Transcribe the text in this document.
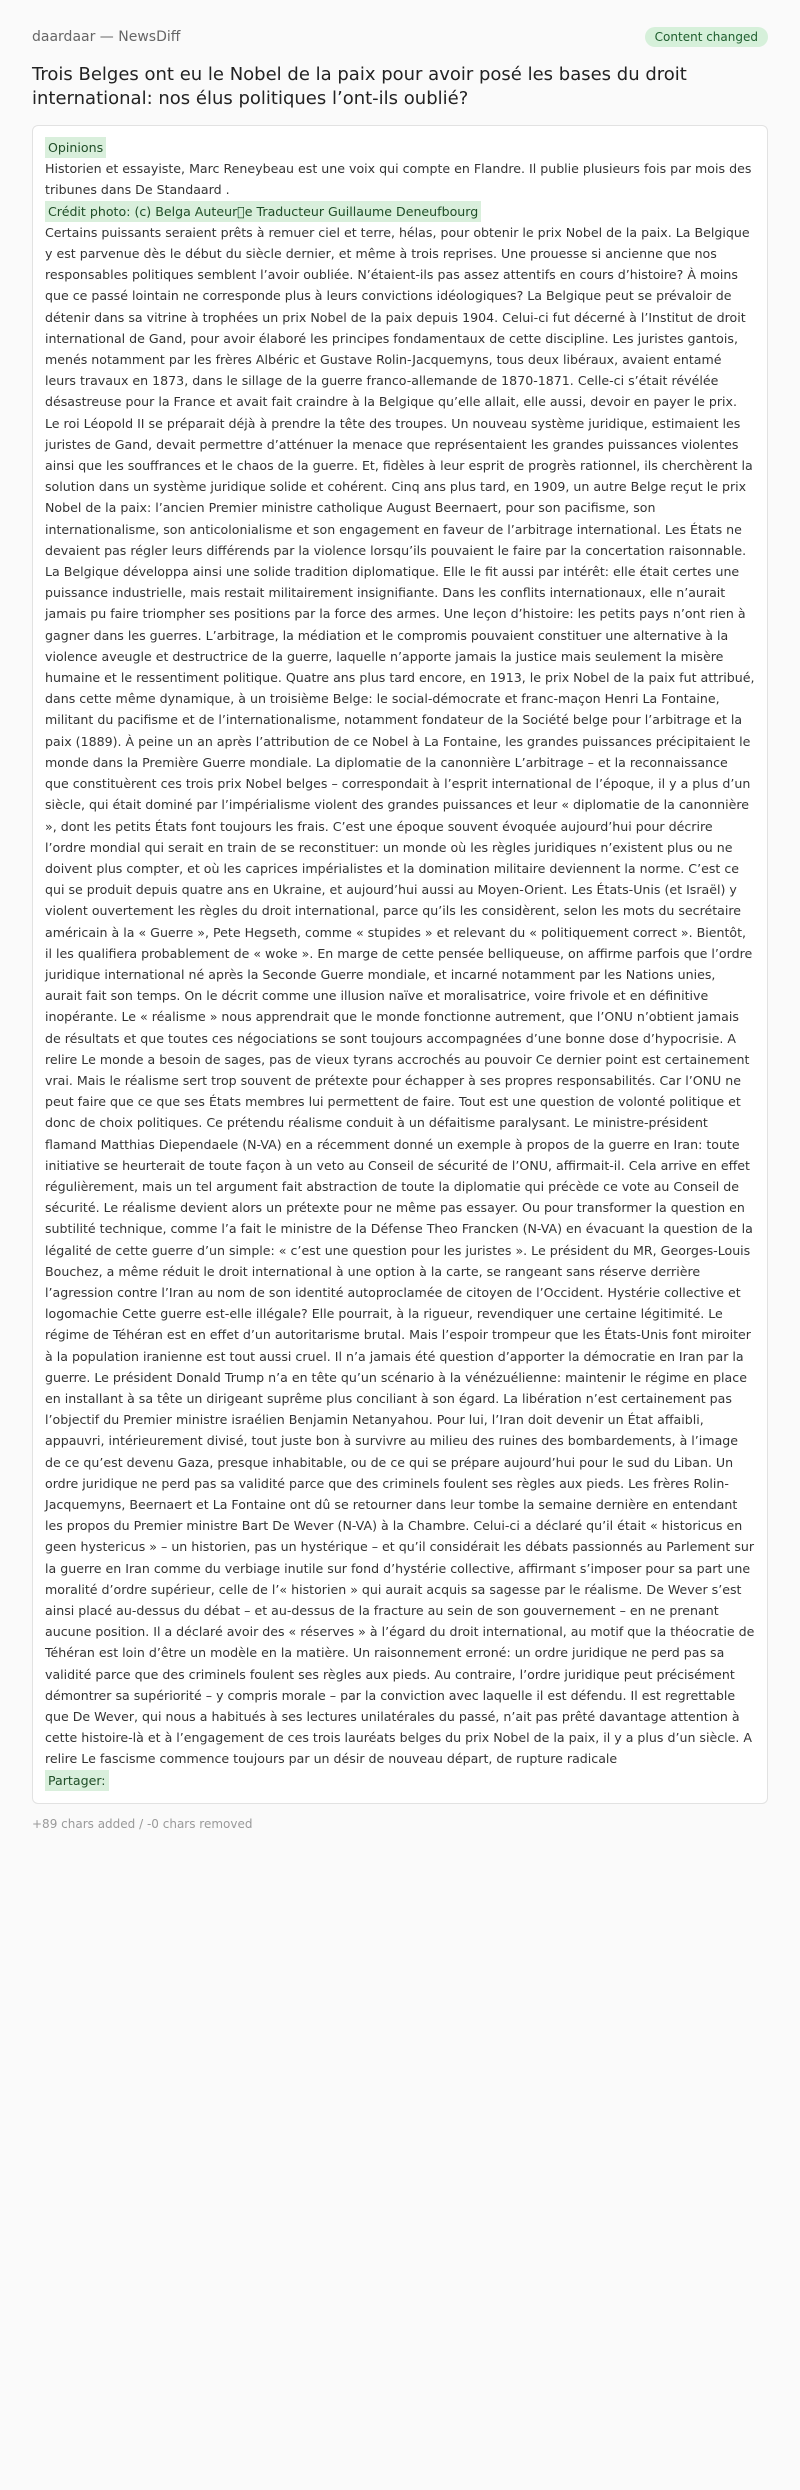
daardaar — NewsDiff	Content changed
Trois Belges ont eu le Nobel de la paix pour avoir posé les bases du droit international: nos élus politiques l’ont-ils oublié?

Opinions

Historien et essayiste, Marc Reneybeau est une voix qui compte en Flandre. Il publie plusieurs fois par mois des tribunes dans De Standaard .

Crédit photo: (c) Belga Auteur e Traducteur Guillaume Deneufbourg

Certains puissants seraient prêts à remuer ciel et terre, hélas, pour obtenir le prix Nobel de la paix. La Belgique y est parvenue dès le début du siècle dernier, et même à trois reprises. Une prouesse si ancienne que nos responsables politiques semblent l’avoir oubliée. N’étaient-ils pas assez attentifs en cours d’histoire? À moins que ce passé lointain ne corresponde plus à leurs convictions idéologiques? La Belgique peut se prévaloir de détenir dans sa vitrine à trophées un prix Nobel de la paix depuis 1904. Celui-ci fut décerné à l’Institut de droit international de Gand, pour avoir élaboré les principes fondamentaux de cette discipline. Les juristes gantois, menés notamment par les frères Albéric et Gustave Rolin-Jacquemyns, tous deux libéraux, avaient entamé leurs travaux en 1873, dans le sillage de la guerre franco-allemande de 1870-1871. Celle-ci s’était révélée désastreuse pour la France et avait fait craindre à la Belgique qu’elle allait, elle aussi, devoir en payer le prix. Le roi Léopold II se préparait déjà à prendre la tête des troupes. Un nouveau système juridique, estimaient les juristes de Gand, devait permettre d’atténuer la menace que représentaient les grandes puissances violentes ainsi que les souffrances et le chaos de la guerre. Et, fidèles à leur esprit de progrès rationnel, ils cherchèrent la solution dans un système juridique solide et cohérent. Cinq ans plus tard, en 1909, un autre Belge reçut le prix Nobel de la paix: l’ancien Premier ministre catholique August Beernaert, pour son pacifisme, son internationalisme, son anticolonialisme et son engagement en faveur de l’arbitrage international. Les États ne devaient pas régler leurs différends par la violence lorsqu’ils pouvaient le faire par la concertation raisonnable. La Belgique développa ainsi une solide tradition diplomatique. Elle le fit aussi par intérêt: elle était certes une puissance industrielle, mais restait militairement insignifiante. Dans les conflits internationaux, elle n’aurait jamais pu faire triompher ses positions par la force des armes. Une leçon d’histoire: les petits pays n’ont rien à gagner dans les guerres. L’arbitrage, la médiation et le compromis pouvaient constituer une alternative à la violence aveugle et destructrice de la guerre, laquelle n’apporte jamais la justice mais seulement la misère humaine et le ressentiment politique. Quatre ans plus tard encore, en 1913, le prix Nobel de la paix fut attribué, dans cette même dynamique, à un troisième Belge: le social-démocrate et franc-maçon Henri La Fontaine, militant du pacifisme et de l’internationalisme, notamment fondateur de la Société belge pour l’arbitrage et la paix (1889). À peine un an après l’attribution de ce Nobel à La Fontaine, les grandes puissances précipitaient le monde dans la Première Guerre mondiale. La diplomatie de la canonnière L’arbitrage – et la reconnaissance que constituèrent ces trois prix Nobel belges – correspondait à l’esprit international de l’époque, il y a plus d’un siècle, qui était dominé par l’impérialisme violent des grandes puissances et leur « diplomatie de la canonnière », dont les petits États font toujours les frais. C’est une époque souvent évoquée aujourd’hui pour décrire l’ordre mondial qui serait en train de se reconstituer: un monde où les règles juridiques n’existent plus ou ne doivent plus compter, et où les caprices impérialistes et la domination militaire deviennent la norme. C’est ce qui se produit depuis quatre ans en Ukraine, et aujourd’hui aussi au Moyen-Orient. Les États-Unis (et Israël) y violent ouvertement les règles du droit international, parce qu’ils les considèrent, selon les mots du secrétaire américain à la « Guerre », Pete Hegseth, comme « stupides » et relevant du « politiquement correct ». Bientôt, il les qualifiera probablement de « woke ». En marge de cette pensée belliqueuse, on affirme parfois que l’ordre juridique international né après la Seconde Guerre mondiale, et incarné notamment par les Nations unies, aurait fait son temps. On le décrit comme une illusion naïve et moralisatrice, voire frivole et en définitive inopérante. Le « réalisme » nous apprendrait que le monde fonctionne autrement, que l’ONU n’obtient jamais de résultats et que toutes ces négociations se sont toujours accompagnées d’une bonne dose d’hypocrisie. A relire Le monde a besoin de sages, pas de vieux tyrans accrochés au pouvoir Ce dernier point est certainement vrai. Mais le réalisme sert trop souvent de prétexte pour échapper à ses propres responsabilités. Car l’ONU ne peut faire que ce que ses États membres lui permettent de faire. Tout est une question de volonté politique et donc de choix politiques. Ce prétendu réalisme conduit à un défaitisme paralysant. Le ministre-président flamand Matthias Diependaele (N-VA) en a récemment donné un exemple à propos de la guerre en Iran: toute initiative se heurterait de toute façon à un veto au Conseil de sécurité de l’ONU, affirmait-il. Cela arrive en effet régulièrement, mais un tel argument fait abstraction de toute la diplomatie qui précède ce vote au Conseil de sécurité. Le réalisme devient alors un prétexte pour ne même pas essayer. Ou pour transformer la question en subtilité technique, comme l’a fait le ministre de la Défense Theo Francken (N-VA) en évacuant la question de la légalité de cette guerre d’un simple: « c’est une question pour les juristes ». Le président du MR, Georges-Louis Bouchez, a même réduit le droit international à une option à la carte, se rangeant sans réserve derrière l’agression contre l’Iran au nom de son identité autoproclamée de citoyen de l’Occident. Hystérie collective et logomachie Cette guerre est-elle illégale? Elle pourrait, à la rigueur, revendiquer une certaine légitimité. Le régime de Téhéran est en effet d’un autoritarisme brutal. Mais l’espoir trompeur que les États-Unis font miroiter à la population iranienne est tout aussi cruel. Il n’a jamais été question d’apporter la démocratie en Iran par la guerre. Le président Donald Trump n’a en tête qu’un scénario à la vénézuélienne: maintenir le régime en place en installant à sa tête un dirigeant suprême plus conciliant à son égard. La libération n’est certainement pas l’objectif du Premier ministre israélien Benjamin Netanyahou. Pour lui, l’Iran doit devenir un État affaibli, appauvri, intérieurement divisé, tout juste bon à survivre au milieu des ruines des bombardements, à l’image de ce qu’est devenu Gaza, presque inhabitable, ou de ce qui se prépare aujourd’hui pour le sud du Liban. Un ordre juridique ne perd pas sa validité parce que des criminels foulent ses règles aux pieds. Les frères Rolin-Jacquemyns, Beernaert et La Fontaine ont dû se retourner dans leur tombe la semaine dernière en entendant les propos du Premier ministre Bart De Wever (N-VA) à la Chambre. Celui-ci a déclaré qu’il était « historicus en geen hystericus » – un historien, pas un hystérique – et qu’il considérait les débats passionnés au Parlement sur la guerre en Iran comme du verbiage inutile sur fond d’hystérie collective, affirmant s’imposer pour sa part une moralité d’ordre supérieur, celle de l’« historien » qui aurait acquis sa sagesse par le réalisme. De Wever s’est ainsi placé au-dessus du débat – et au-dessus de la fracture au sein de son gouvernement – en ne prenant aucune position. Il a déclaré avoir des « réserves » à l’égard du droit international, au motif que la théocratie de Téhéran est loin d’être un modèle en la matière. Un raisonnement erroné: un ordre juridique ne perd pas sa validité parce que des criminels foulent ses règles aux pieds. Au contraire, l’ordre juridique peut précisément démontrer sa supériorité – y compris morale – par la conviction avec laquelle il est défendu. Il est regrettable que De Wever, qui nous a habitués à ses lectures unilatérales du passé, n’ait pas prêté davantage attention à cette histoire-là et à l’engagement de ces trois lauréats belges du prix Nobel de la paix, il y a plus d’un siècle. A relire Le fascisme commence toujours par un désir de nouveau départ, de rupture radicale

Partager:

+89 chars added / -0 chars removed
